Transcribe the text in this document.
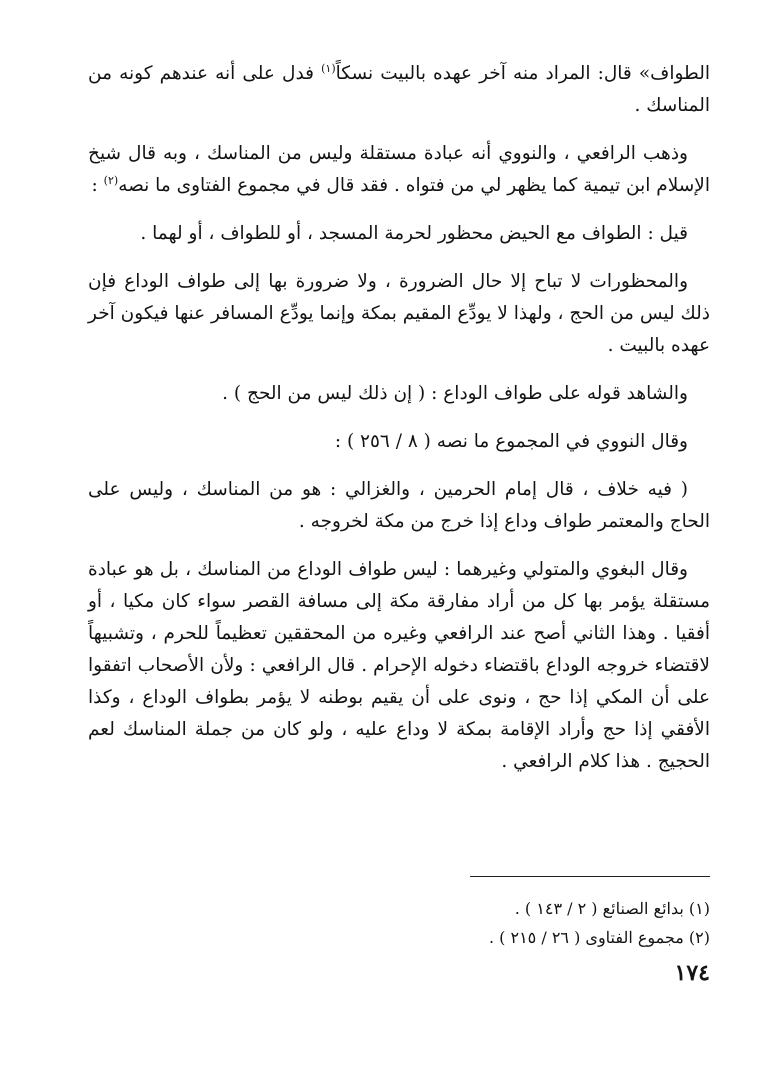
الطواف» قال: المراد منه آخر عهده بالبيت نسكاً$^{(١)}$ فدل على أنه عندهم كونه من المناسك .

وذهب الرافعي ، والنووي أنه عبادة مستقلة وليس من المناسك ، وبه قال شيخ الإسلام ابن تيمية كما يظهر لي من فتواه . فقد قال في مجموع الفتاوى ما نصه$^{(٢)}$ :

قيل : الطواف مع الحيض محظور لحرمة المسجد ، أو للطواف ، أو لهما .

والمحظورات لا تباح إلا حال الضرورة ، ولا ضرورة بها إلى طواف الوداع فإن ذلك ليس من الحج ، ولهذا لا يودِّع المقيم بمكة وإنما يودِّع المسافر عنها فيكون آخر عهده بالبيت .

والشاهد قوله على طواف الوداع : ( إن ذلك ليس من الحج ) .

وقال النووي في المجموع ما نصه ( ٨ / ٢٥٦ ) :

( فيه خلاف ، قال إمام الحرمين ، والغزالي : هو من المناسك ، وليس على الحاج والمعتمر طواف وداع إذا خرج من مكة لخروجه .

وقال البغوي والمتولي وغيرهما : ليس طواف الوداع من المناسك ، بل هو عبادة مستقلة يؤمر بها كل من أراد مفارقة مكة إلى مسافة القصر سواء كان مكيا ، أو أفقيا . وهذا الثاني أصح عند الرافعي وغيره من المحققين تعظيماً للحرم ، وتشبيهاً لاقتضاء خروجه الوداع باقتضاء دخوله الإحرام . قال الرافعي : ولأن الأصحاب اتفقوا على أن المكي إذا حج ، ونوى على أن يقيم بوطنه لا يؤمر بطواف الوداع ، وكذا الأفقي إذا حج وأراد الإقامة بمكة لا وداع عليه ، ولو كان من جملة المناسك لعم الحجيج . هذا كلام الرافعي .

(١) بدائع الصنائع ( ٢ / ١٤٣ ) .
(٢) مجموع الفتاوى ( ٢٦ / ٢١٥ ) .
١٧٤
